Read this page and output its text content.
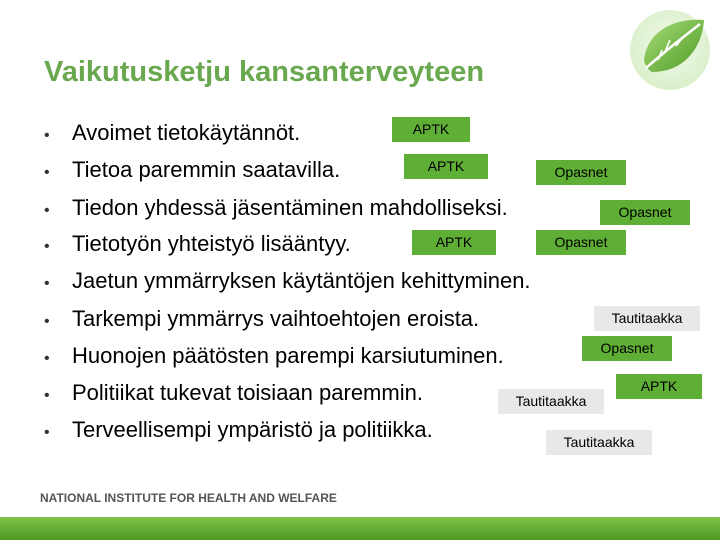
Vaikutusketju kansanterveyteen
• Avoimet tietokäytännöt.
• Tietoa paremmin saatavilla.
• Tiedon yhdessä jäsentäminen mahdolliseksi.
• Tietotyön yhteistyö lisääntyy.
• Jaetun ymmärryksen käytäntöjen kehittyminen.
• Tarkempi ymmärrys vaihtoehtojen eroista.
• Huonojen päätösten parempi karsiutuminen.
• Politiikat tukevat toisiaan paremmin.
• Terveellisempi ympäristö ja politiikka.
APTK
APTK	Opasnet
Opasnet
APTK	Opasnet
Tautitaakka
Opasnet
APTK
Tautitaakka
Tautitaakka
NATIONAL INSTITUTE FOR HEALTH AND WELFARE
